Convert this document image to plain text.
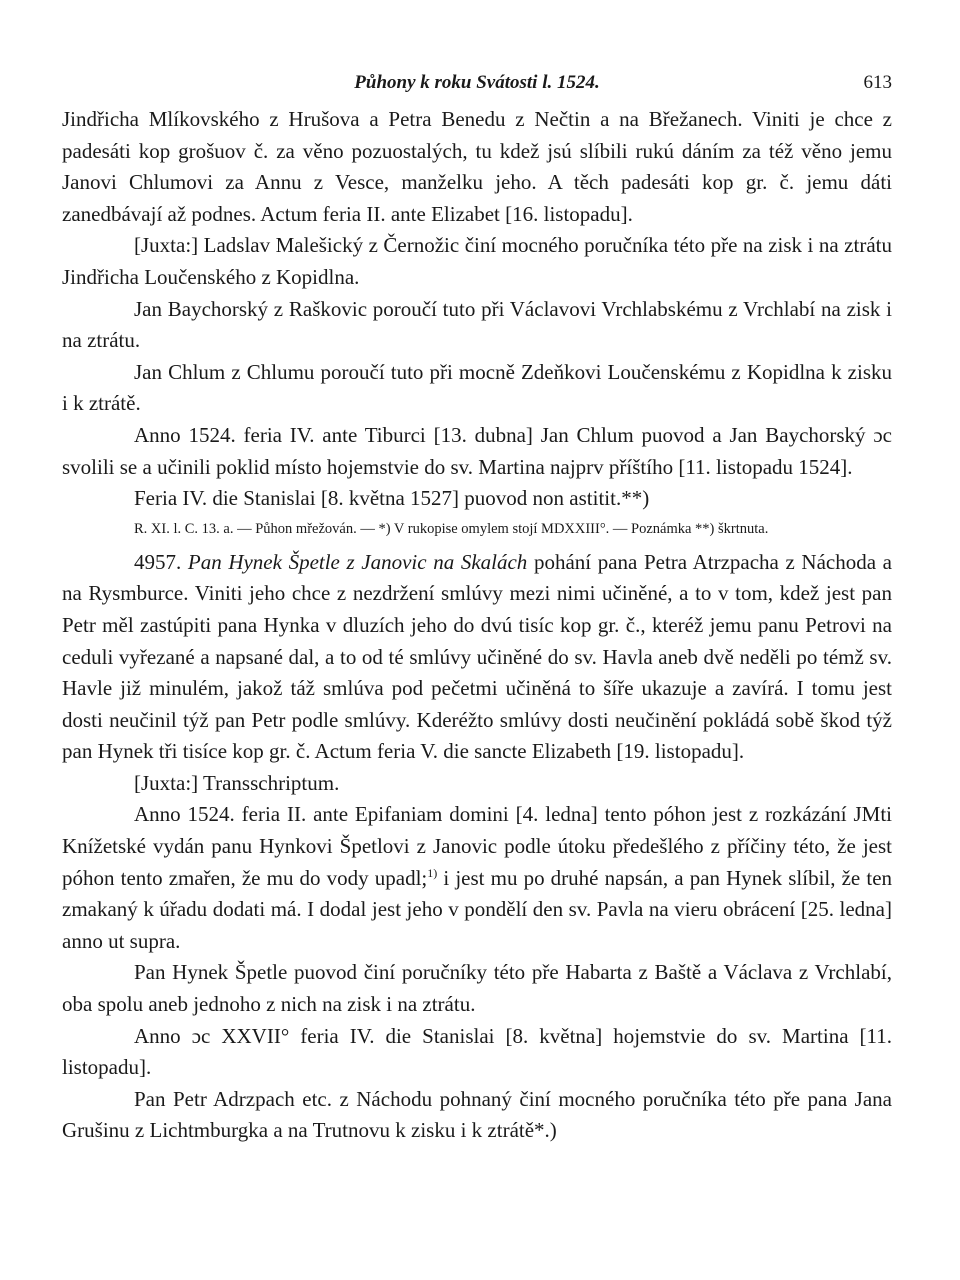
Půhony k roku Svátosti l. 1524.	613

Jindřicha Mlíkovského z Hrušova a Petra Benedu z Nečtin a na Břežanech. Viniti je chce z padesáti kop grošuov č. za věno pozuostalých, tu kdež jsú slíbili rukú dáním za též věno jemu Janovi Chlumovi za Annu z Vesce, manželku jeho. A těch padesáti kop gr. č. jemu dáti zanedbávají až podnes. Actum feria II. ante Elizabet [16. listopadu].

[Juxta:] Ladslav Malešický z Černožic činí mocného poručníka této pře na zisk i na ztrátu Jindřicha Loučenského z Kopidlna.

Jan Baychorský z Raškovic poroučí tuto při Václavovi Vrchlabskému z Vrchlabí na zisk i na ztrátu.

Jan Chlum z Chlumu poroučí tuto při mocně Zdeňkovi Loučenskému z Kopidlna k zisku i k ztrátě.

Anno 1524. feria IV. ante Tiburci [13. dubna] Jan Chlum puovod a Jan Baychorský ɔc svolili se a učinili poklid místo hojemstvie do sv. Martina najprv příštího [11. listopadu 1524].

Feria IV. die Stanislai [8. května 1527] puovod non astitit.**)

R. XI. l. C. 13. a. — Půhon mřežován. — *) V rukopise omylem stojí MDXXIII°. — Poznámka **) škrtnuta.

4957. Pan Hynek Špetle z Janovic na Skalách pohání pana Petra Atrzpacha z Náchoda a na Rysmburce. Viniti jeho chce z nezdržení smlúvy mezi nimi učiněné, a to v tom, kdež jest pan Petr měl zastúpiti pana Hynka v dluzích jeho do dvú tisíc kop gr. č., kteréž jemu panu Petrovi na ceduli vyřezané a napsané dal, a to od té smlúvy učiněné do sv. Havla aneb dvě neděli po témž sv. Havle již minulém, jakož táž smlúva pod pečetmi učiněná to šíře ukazuje a zavírá. I tomu jest dosti neučinil týž pan Petr podle smlúvy. Kderéžto smlúvy dosti neučinění pokládá sobě škod týž pan Hynek tři tisíce kop gr. č. Actum feria V. die sancte Elizabeth [19. listopadu].

[Juxta:] Transschriptum.

Anno 1524. feria II. ante Epifaniam domini [4. ledna] tento póhon jest z rozkázání JMti Knížetské vydán panu Hynkovi Špetlovi z Janovic podle útoku předešlého z příčiny této, že jest póhon tento zmařen, že mu do vody upadl;$^{1)}$ i jest mu po druhé napsán, a pan Hynek slíbil, že ten zmakaný k úřadu dodati má. I dodal jest jeho v pondělí den sv. Pavla na vieru obrácení [25. ledna] anno ut supra.

Pan Hynek Špetle puovod činí poručníky této pře Habarta z Baště a Václava z Vrchlabí, oba spolu aneb jednoho z nich na zisk i na ztrátu.

Anno ɔc XXVII° feria IV. die Stanislai [8. května] hojemstvie do sv. Martina [11. listopadu].

Pan Petr Adrzpach etc. z Náchodu pohnaný činí mocného poručníka této pře pana Jana Grušinu z Lichtmburgka a na Trutnovu k zisku i k ztrátě*.)
